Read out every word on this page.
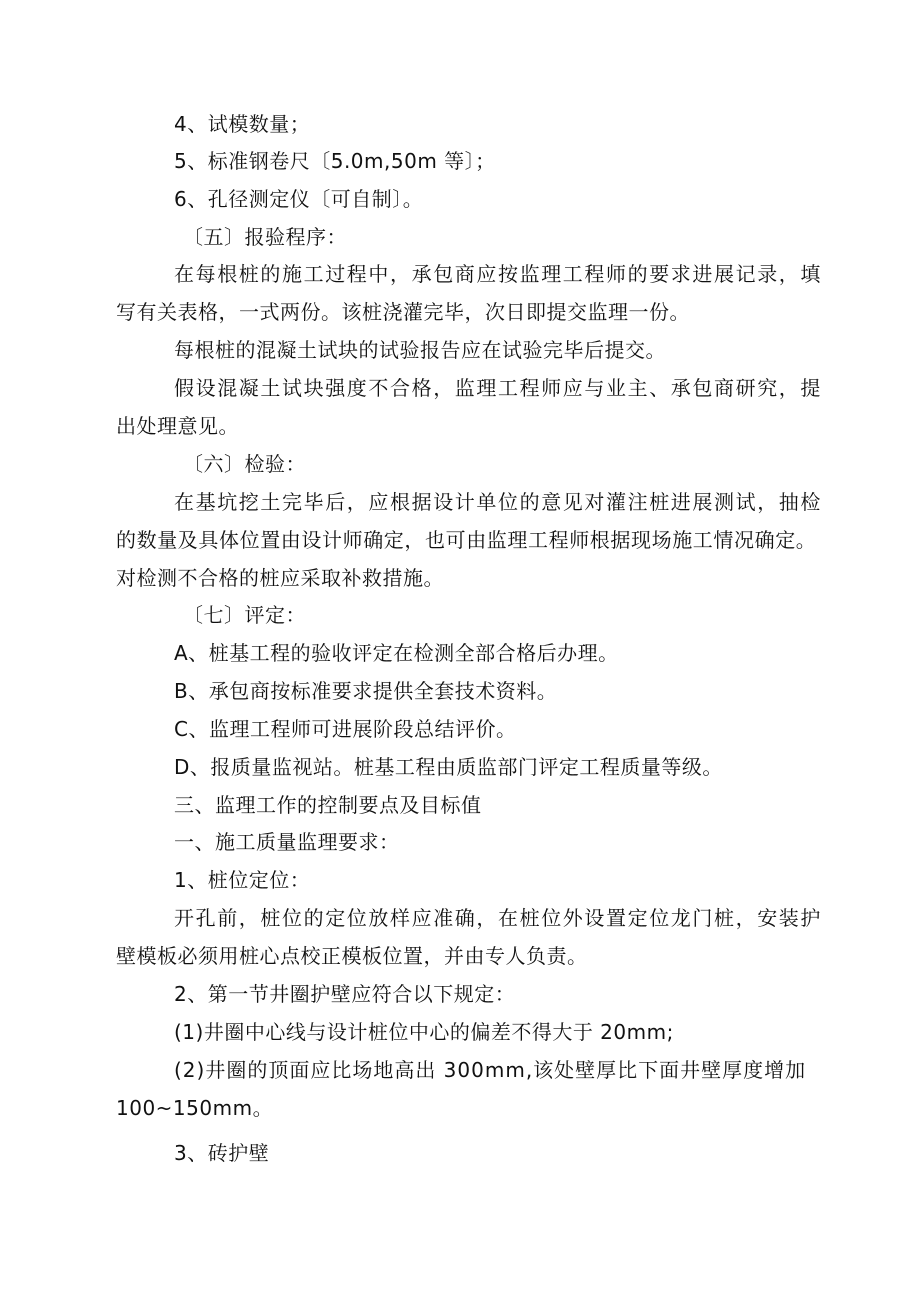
4、试模数量；
5、标准钢卷尺〔5.0m,50m 等〕；
6、孔径测定仪〔可自制〕。
〔五〕报验程序：
在每根桩的施工过程中，承包商应按监理工程师的要求进展记录，填
写有关表格，一式两份。该桩浇灌完毕，次日即提交监理一份。
每根桩的混凝土试块的试验报告应在试验完毕后提交。
假设混凝土试块强度不合格，监理工程师应与业主、承包商研究，提
出处理意见。
〔六〕检验：
在基坑挖土完毕后，应根据设计单位的意见对灌注桩进展测试，抽检
的数量及具体位置由设计师确定，也可由监理工程师根据现场施工情况确定。
对检测不合格的桩应采取补救措施。
〔七〕评定：
A、桩基工程的验收评定在检测全部合格后办理。
B、承包商按标准要求提供全套技术资料。
C、监理工程师可进展阶段总结评价。
D、报质量监视站。桩基工程由质监部门评定工程质量等级。
三、监理工作的控制要点及目标值
一、施工质量监理要求：
1、桩位定位：
开孔前，桩位的定位放样应准确，在桩位外设置定位龙门桩，安装护
壁模板必须用桩心点校正模板位置，并由专人负责。
2、第一节井圈护壁应符合以下规定：
(1)井圈中心线与设计桩位中心的偏差不得大于 20mm;
(2)井圈的顶面应比场地高出 300mm,该处壁厚比下面井壁厚度增加
100~150mm。
3、砖护壁
